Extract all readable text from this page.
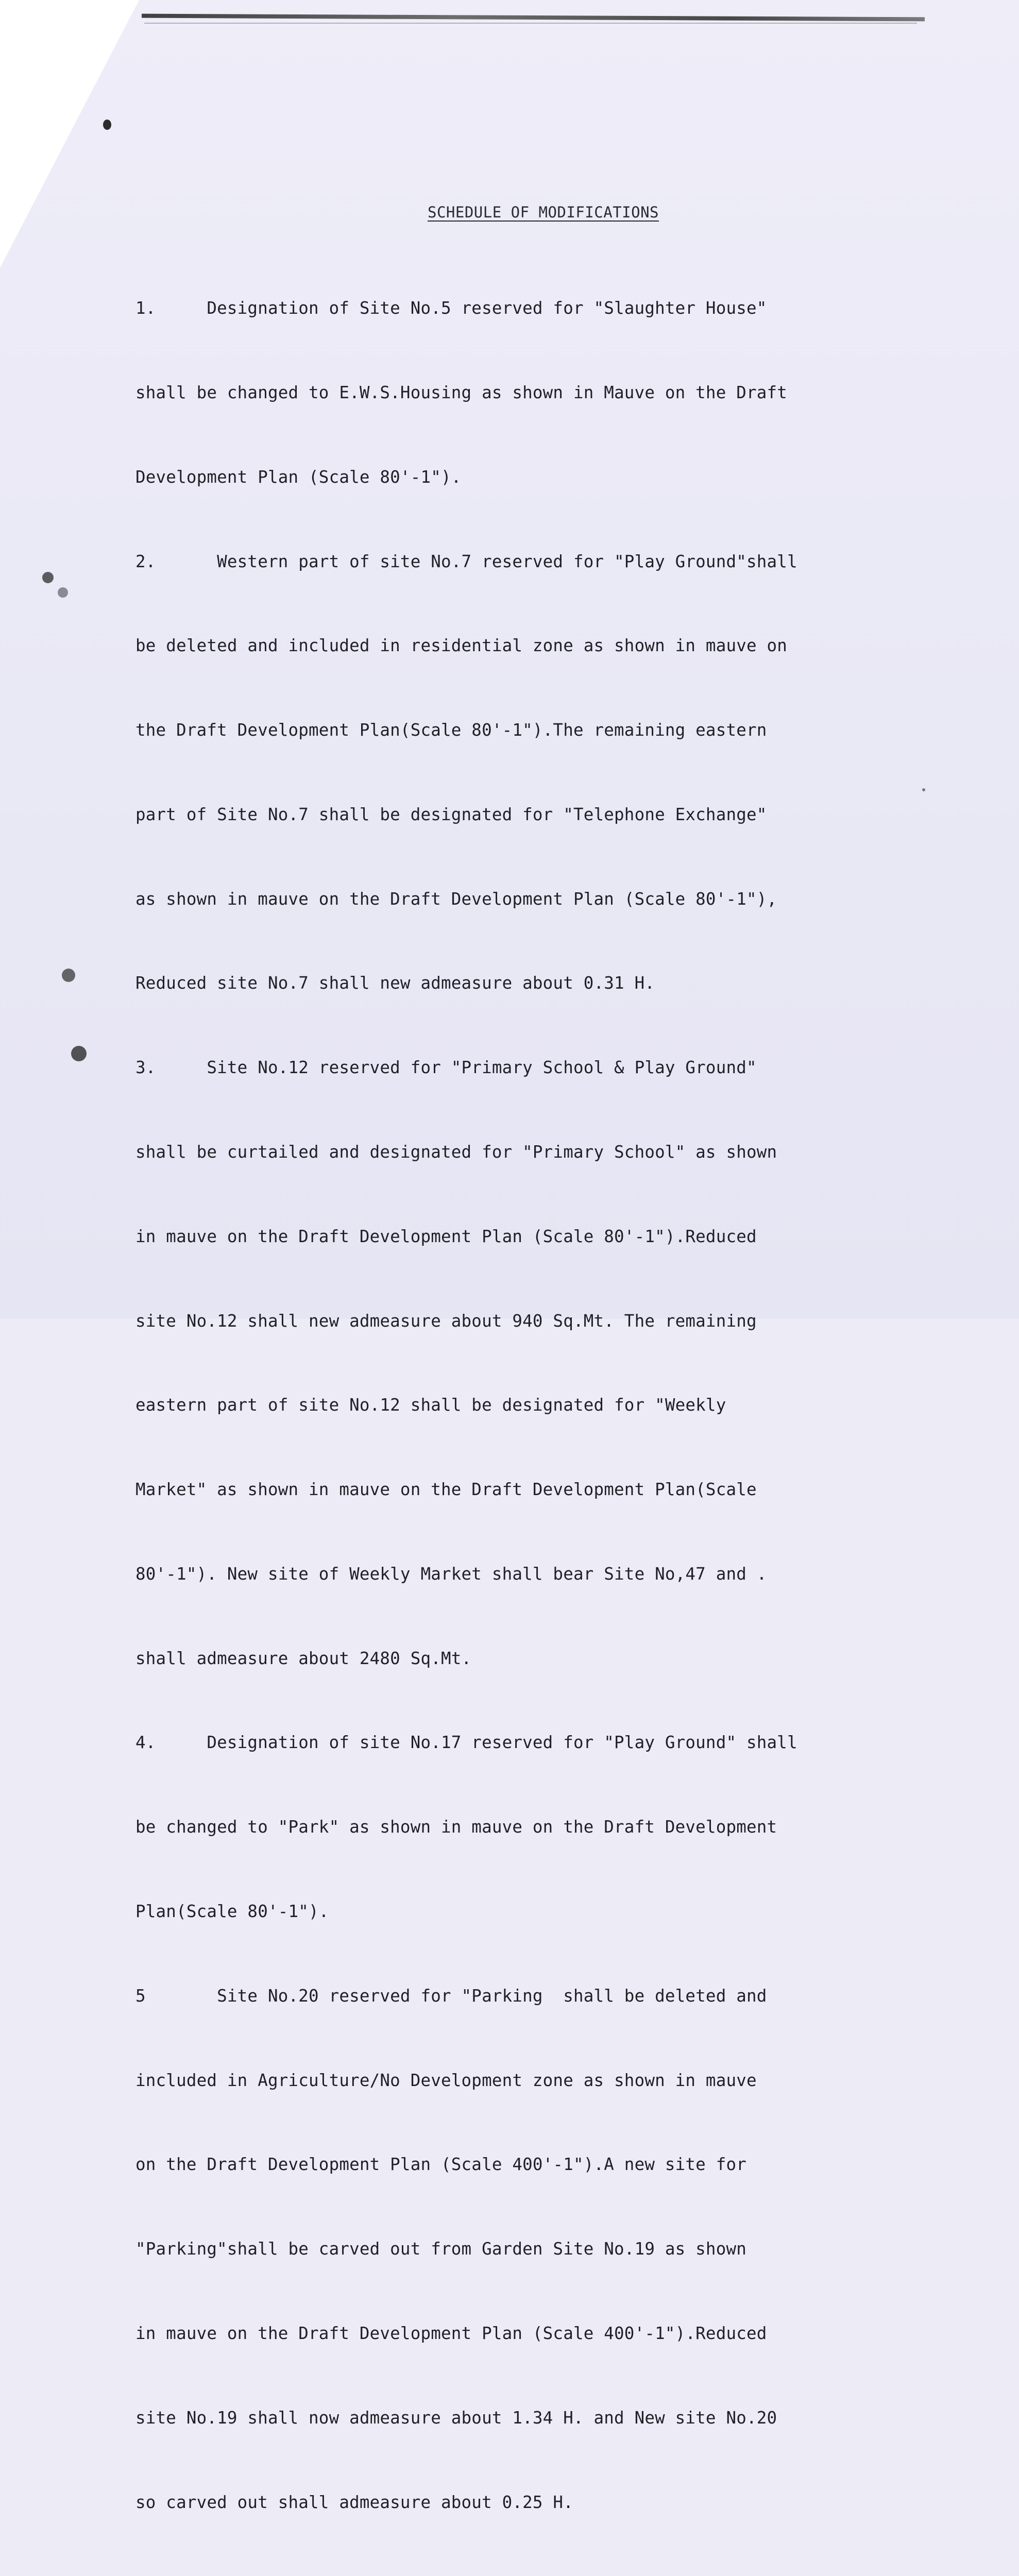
SCHEDULE OF MODIFICATIONS

1.     Designation of Site No.5 reserved for "Slaughter House"

shall be changed to E.W.S.Housing as shown in Mauve on the Draft

Development Plan (Scale 80'-1").

2.      Western part of site No.7 reserved for "Play Ground"shall

be deleted and included in residential zone as shown in mauve on

the Draft Development Plan(Scale 80'-1").The remaining eastern

part of Site No.7 shall be designated for "Telephone Exchange"

as shown in mauve on the Draft Development Plan (Scale 80'-1"),

Reduced site No.7 shall new admeasure about 0.31 H.

3.     Site No.12 reserved for "Primary School & Play Ground"

shall be curtailed and designated for "Primary School" as shown

in mauve on the Draft Development Plan (Scale 80'-1").Reduced

site No.12 shall new admeasure about 940 Sq.Mt. The remaining

eastern part of site No.12 shall be designated for "Weekly

Market" as shown in mauve on the Draft Development Plan(Scale

80'-1"). New site of Weekly Market shall bear Site No,47 and .

shall admeasure about 2480 Sq.Mt.

4.     Designation of site No.17 reserved for "Play Ground" shall

be changed to "Park" as shown in mauve on the Draft Development

Plan(Scale 80'-1").

5       Site No.20 reserved for "Parking  shall be deleted and

included in Agriculture/No Development zone as shown in mauve

on the Draft Development Plan (Scale 400'-1").A new site for

"Parking"shall be carved out from Garden Site No.19 as shown

in mauve on the Draft Development Plan (Scale 400'-1").Reduced

site No.19 shall now admeasure about 1.34 H. and New site No.20

so carved out shall admeasure about 0.25 H.
